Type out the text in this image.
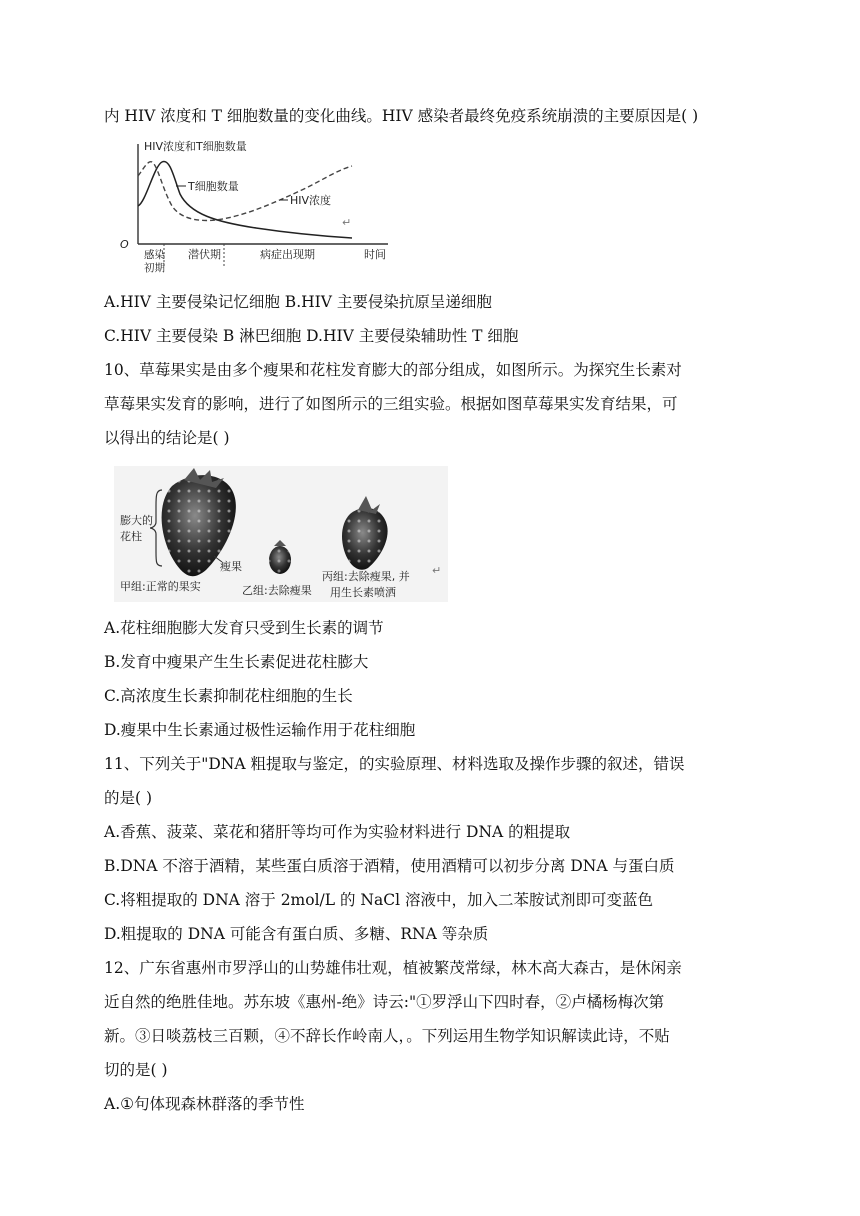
内 HIV 浓度和 T 细胞数量的变化曲线。HIV 感染者最终免疫系统崩溃的主要原因是( )
HIV浓度和T细胞数量
T细胞数量
HIV浓度
↵
O
感染
初期
潜伏期	病症出现期	时间
A.HIV 主要侵染记忆细胞 B.HIV 主要侵染抗原呈递细胞
C.HIV 主要侵染 B 淋巴细胞 D.HIV 主要侵染辅助性 T 细胞
10、草莓果实是由多个瘦果和花柱发育膨大的部分组成，如图所示。为探究生长素对
草莓果实发育的影响，进行了如图所示的三组实验。根据如图草莓果实发育结果，可
以得出的结论是( )
膨大的
花柱
瘦果
甲组:正常的果实	乙组:去除瘦果
丙组:去除瘦果, 并
用生长素喷洒
↵
A.花柱细胞膨大发育只受到生长素的调节
B.发育中瘦果产生生长素促进花柱膨大
C.高浓度生长素抑制花柱细胞的生长
D.瘦果中生长素通过极性运输作用于花柱细胞
11、下列关于"DNA 粗提取与鉴定，的实验原理、材料选取及操作步骤的叙述，错误
的是( )
A.香蕉、菠菜、菜花和猪肝等均可作为实验材料进行 DNA 的粗提取
B.DNA 不溶于酒精，某些蛋白质溶于酒精，使用酒精可以初步分离 DNA 与蛋白质
C.将粗提取的 DNA 溶于 2mol/L 的 NaCl 溶液中，加入二苯胺试剂即可变蓝色
D.粗提取的 DNA 可能含有蛋白质、多糖、RNA 等杂质
12、广东省惠州市罗浮山的山势雄伟壮观，植被繁茂常绿，林木高大森古，是休闲亲
近自然的绝胜佳地。苏东坡《惠州-绝》诗云:"①罗浮山下四时春，②卢橘杨梅次第
新。③日啖荔枝三百颗，④不辞长作岭南人，。下列运用生物学知识解读此诗，不贴
切的是( )
A.①句体现森林群落的季节性
